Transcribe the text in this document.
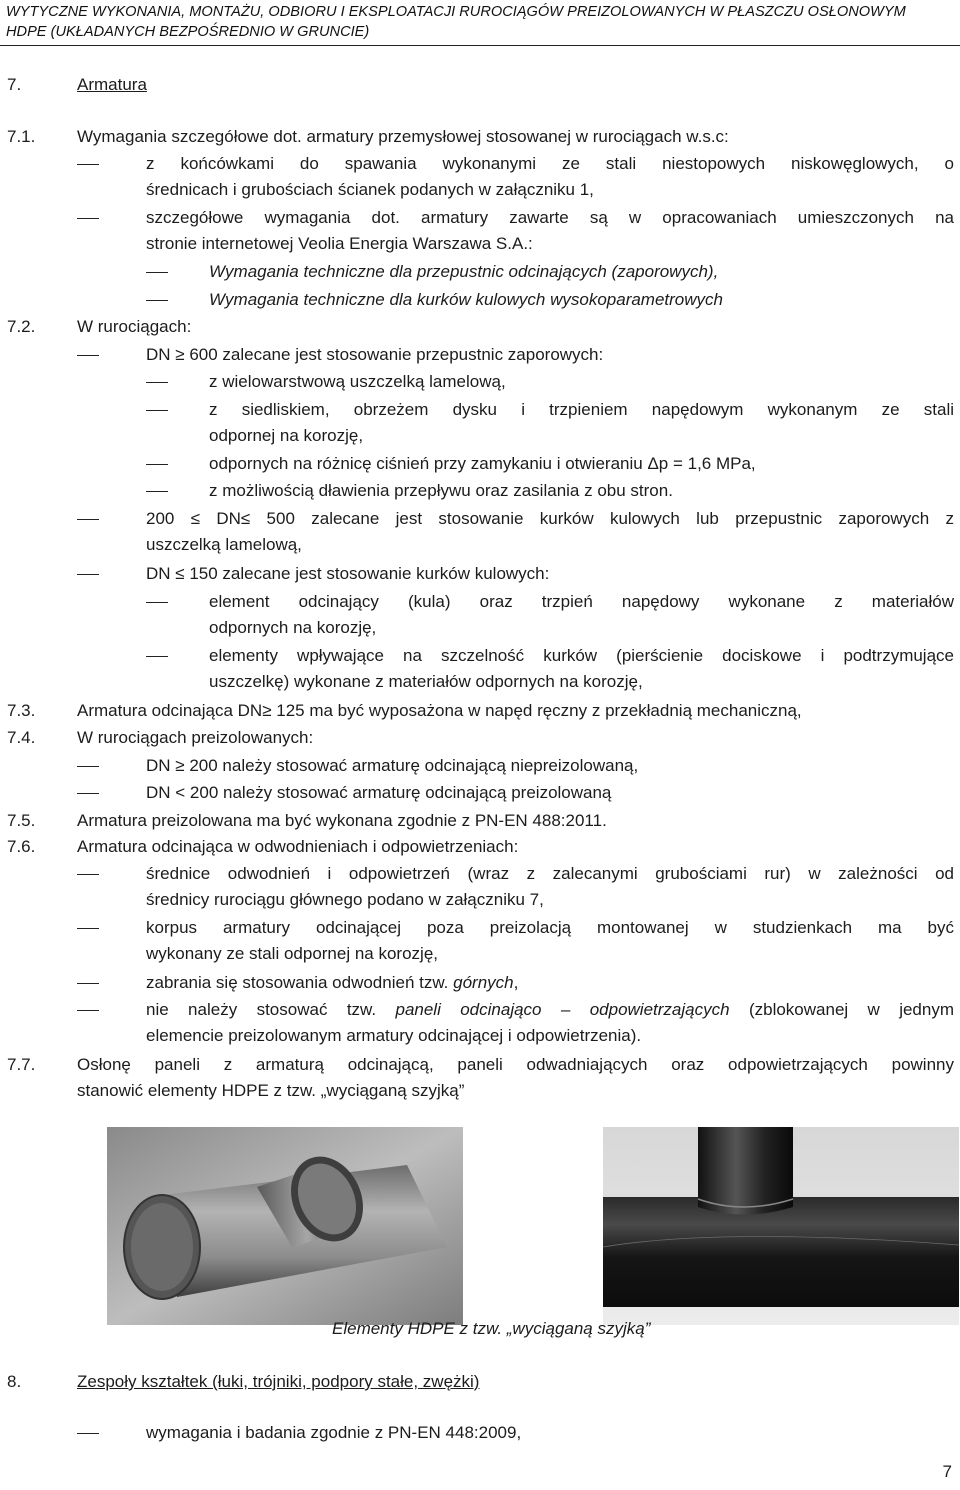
WYTYCZNE WYKONANIA, MONTAŻU, ODBIORU I EKSPLOATACJI RUROCIĄGÓW PREIZOLOWANYCH W PŁASZCZU OSŁONOWYM
HDPE (UKŁADANYCH BEZPOŚREDNIO W GRUNCIE)
7.	Armatura
7.1. Wymagania szczegółowe dot. armatury przemysłowej stosowanej w rurociągach w.s.c:
z końcówkami do spawania wykonanymi ze stali niestopowych niskowęglowych, o
średnicach i grubościach ścianek podanych w załączniku 1,
szczegółowe wymagania dot. armatury zawarte są w opracowaniach umieszczonych na
stronie internetowej Veolia Energia Warszawa S.A.:
Wymagania techniczne dla przepustnic odcinających (zaporowych),
Wymagania techniczne dla kurków kulowych wysokoparametrowych
7.2. W rurociągach:
DN ≥ 600 zalecane jest stosowanie przepustnic zaporowych:
z wielowarstwową uszczelką lamelową,
z siedliskiem, obrzeżem dysku i trzpieniem napędowym wykonanym ze stali
odpornej na korozję,
odpornych na różnicę ciśnień przy zamykaniu i otwieraniu Δp = 1,6 MPa,
z możliwością dławienia przepływu oraz zasilania z obu stron.
200 ≤ DN≤ 500 zalecane jest stosowanie kurków kulowych lub przepustnic zaporowych z
uszczelką lamelową,
DN ≤ 150 zalecane jest stosowanie kurków kulowych:
element odcinający (kula) oraz trzpień napędowy wykonane z materiałów
odpornych na korozję,
elementy wpływające na szczelność kurków (pierścienie dociskowe i podtrzymujące
uszczelkę) wykonane z materiałów odpornych na korozję,
7.3. Armatura odcinająca DN≥ 125 ma być wyposażona w napęd ręczny z przekładnią mechaniczną,
7.4. W rurociągach preizolowanych:
DN ≥ 200 należy stosować armaturę odcinającą niepreizolowaną,
DN < 200 należy stosować armaturę odcinającą preizolowaną
7.5. Armatura preizolowana ma być wykonana zgodnie z PN-EN 488:2011.
7.6. Armatura odcinająca w odwodnieniach i odpowietrzeniach:
średnice odwodnień i odpowietrzeń (wraz z zalecanymi grubościami rur) w zależności od
średnicy rurociągu głównego podano w załączniku 7,
korpus armatury odcinającej poza preizolacją montowanej w studzienkach ma być
wykonany ze stali odpornej na korozję,
zabrania się stosowania odwodnień tzw. górnych,
nie należy stosować tzw. paneli odcinająco – odpowietrzających (zblokowanej w jednym
elemencie preizolowanym armatury odcinającej i odpowietrzenia).
7.7. Osłonę paneli z armaturą odcinającą, paneli odwadniających oraz odpowietrzających powinny
stanowić elementy HDPE z tzw. „wyciąganą szyjką”
Elementy HDPE z tzw. „wyciąganą szyjką”
8.	Zespoły kształtek (łuki, trójniki, podpory stałe, zwężki)
wymagania i badania zgodnie z PN-EN 448:2009,
7
